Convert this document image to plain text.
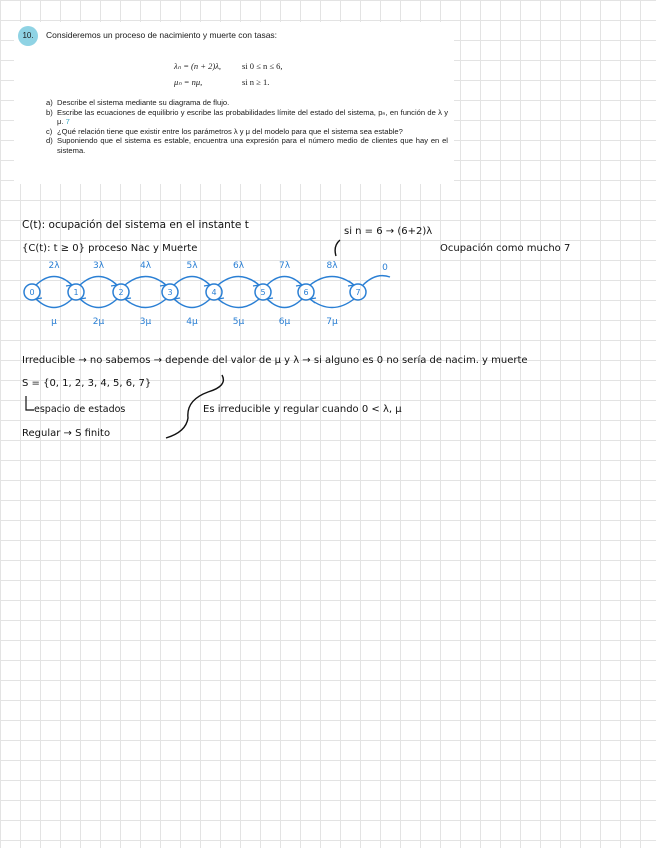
10.	Consideremos un proceso de nacimiento y muerte con tasas:
λₙ = (n + 2)λ, si 0 ≤ n ≤ 6,
μₙ = nμ,	si n ≥ 1.
a) Describe el sistema mediante su diagrama de flujo.
b) Escribe las ecuaciones de equilibrio y escribe las probabilidades límite del estado del sistema, pₙ, en función de λ y μ. 7
c) ¿Qué relación tiene que existir entre los parámetros λ y μ del modelo para que el sistema sea estable?
d) Suponiendo que el sistema es estable, encuentra una expresión para el número medio de clientes que hay en el sistema.
C(t): ocupación del sistema en el instante t
{C(t): t ≥ 0} proceso Nac y Muerte
si n = 6 → (6+2)λ
Ocupación como mucho 7
0	1	2	3	4	5	6	7
2λ	3λ	4λ	5λ	6λ	7λ	8λ	0
μ	2μ	3μ	4μ	5μ	6μ	7μ
Irreducible → no sabemos → depende del valor de μ y λ → si alguno es 0 no sería de nacim. y muerte
S = {0, 1, 2, 3, 4, 5, 6, 7}
espacio de estados
Regular → S finito
Es irreducible y regular cuando 0 < λ, μ
